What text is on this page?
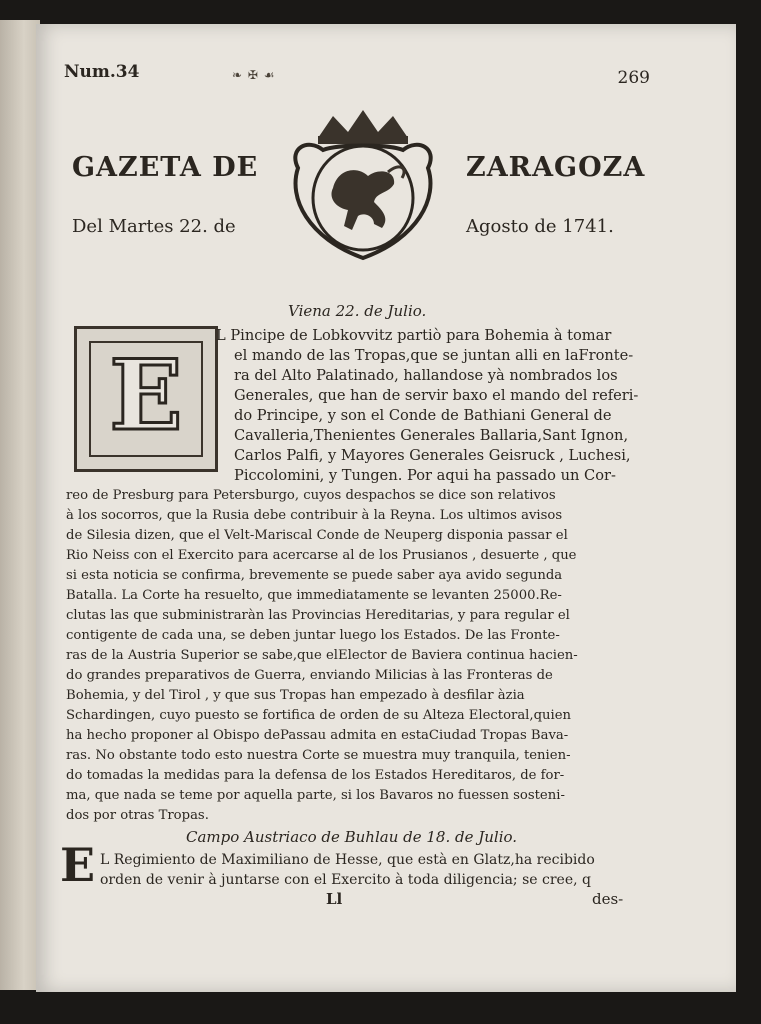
Num.34	❧ ✠ ☙	269
GAZETA DE	ZARAGOZA
Del Martes 22. de	Agosto de 1741.
Viena 22. de Julio.
E
L Pincipe de Lobkovvitz partiò para Bohemia à tomar
el mando de las Tropas,que se juntan alli en laFronte-
ra del Alto Palatinado, hallandose yà nombrados los
Generales, que han de servir baxo el mando del referi-
do Principe, y son el Conde de Bathiani General de
Cavalleria,Thenientes Generales Ballaria,Sant Ignon,
Carlos Palfi, y Mayores Generales Geisruck , Luchesi,
Piccolomini, y Tungen. Por aqui ha passado un Cor-
reo de Presburg para Petersburgo, cuyos despachos se dice son relativos
à los socorros, que la Rusia debe contribuir à la Reyna. Los ultimos avisos
de Silesia dizen, que el Velt-Mariscal Conde de Neuperg disponia passar el
Rio Neiss con el Exercito para acercarse al de los Prusianos , desuerte , que
si esta noticia se confirma, brevemente se puede saber aya avido segunda
Batalla. La Corte ha resuelto, que immediatamente se levanten 25000.Re-
clutas las que subministraràn las Provincias Hereditarias, y para regular el
contigente de cada una, se deben juntar luego los Estados. De las Fronte-
ras de la Austria Superior se sabe,que elElector de Baviera continua hacien-
do grandes preparativos de Guerra, enviando Milicias à las Fronteras de
Bohemia, y del Tirol , y que sus Tropas han empezado à desfilar àzia
Schardingen, cuyo puesto se fortifica de orden de su Alteza Electoral,quien
ha hecho proponer al Obispo dePassau admita en estaCiudad Tropas Bava-
ras. No obstante todo esto nuestra Corte se muestra muy tranquila, tenien-
do tomadas la medidas para la defensa de los Estados Hereditaros, de for-
ma, que nada se teme por aquella parte, si los Bavaros no fuessen sosteni-
dos por otras Tropas.
Campo Austriaco de Buhlau de 18. de Julio.
E L Regimiento de Maximiliano de Hesse, que està en Glatz,ha recibido
orden de venir à juntarse con el Exercito à toda diligencia; se cree, q
Ll	des-
